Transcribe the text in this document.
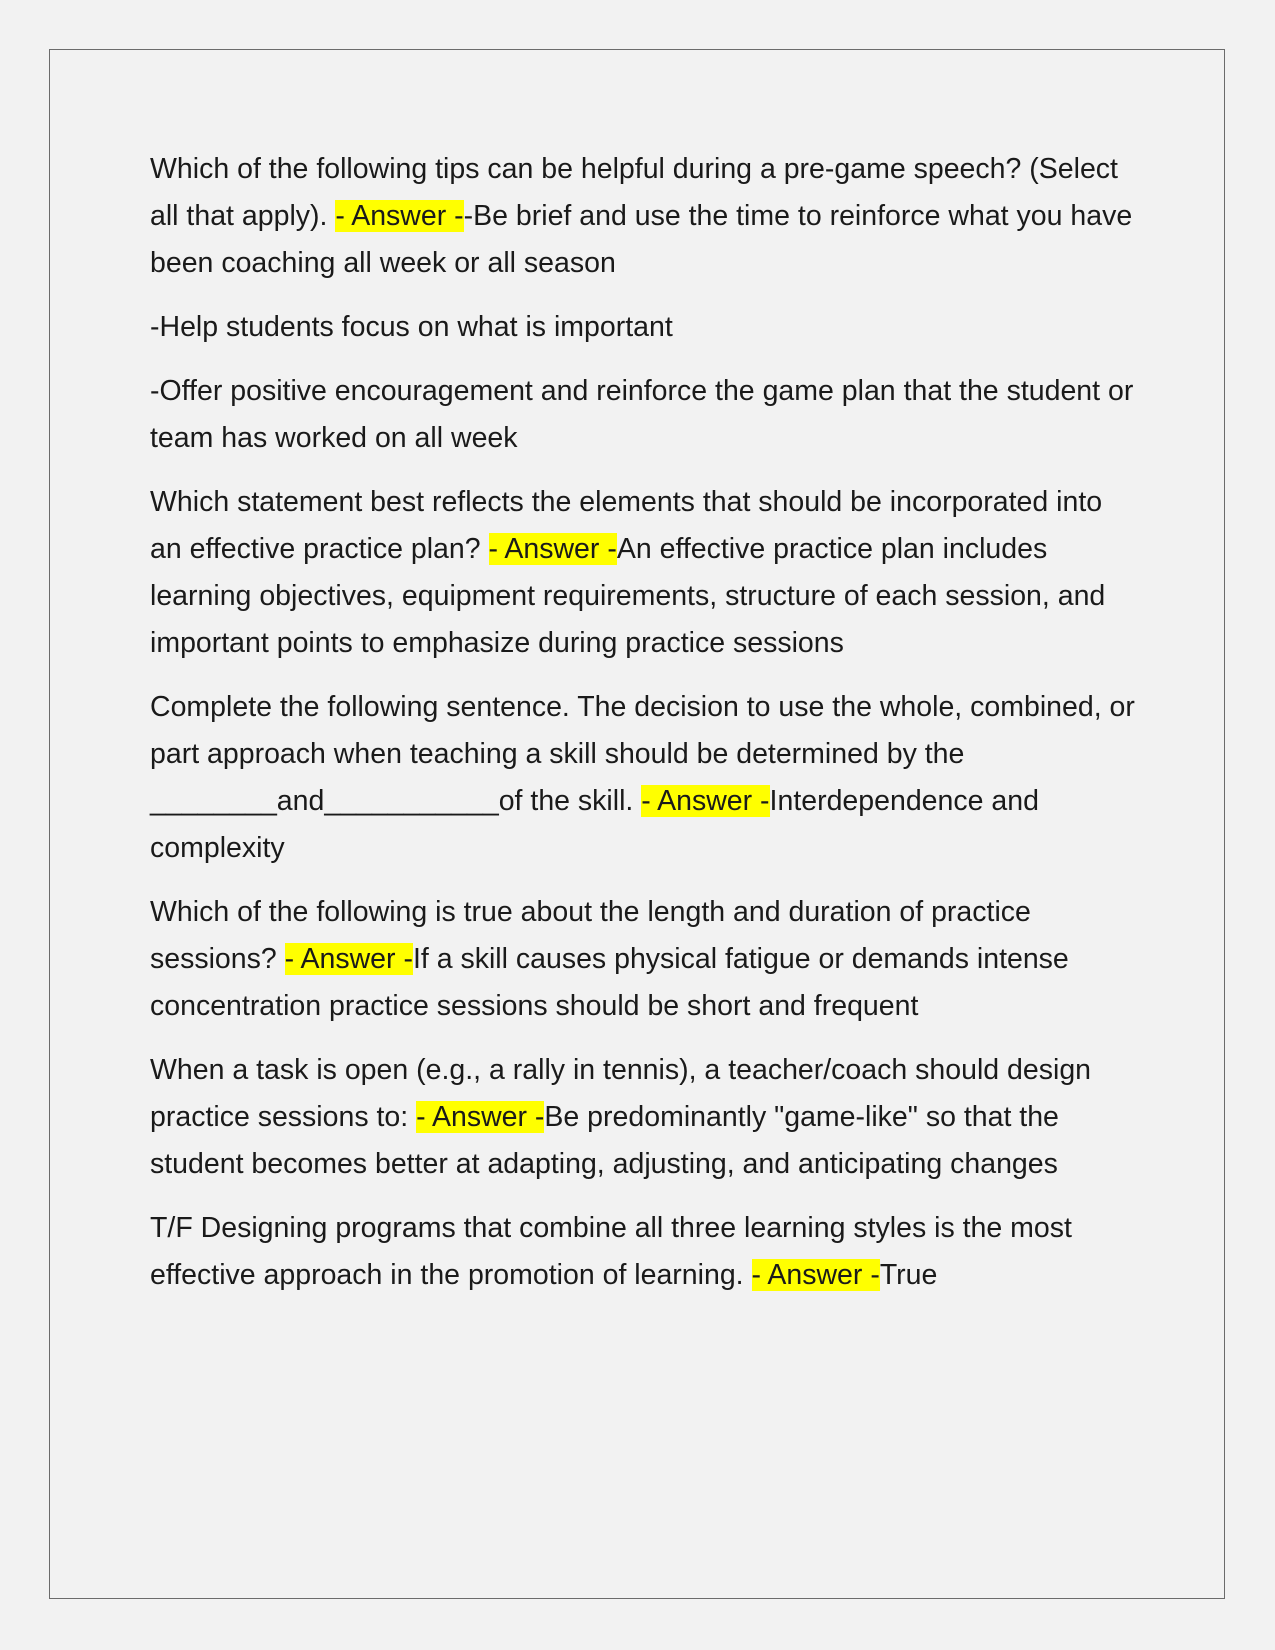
Which of the following tips can be helpful during a pre-game speech? (Select all that apply). - Answer --Be brief and use the time to reinforce what you have been coaching all week or all season

-Help students focus on what is important

-Offer positive encouragement and reinforce the game plan that the student or team has worked on all week

Which statement best reflects the elements that should be incorporated into an effective practice plan? - Answer -An effective practice plan includes learning objectives, equipment requirements, structure of each session, and important points to emphasize during practice sessions

Complete the following sentence. The decision to use the whole, combined, or part approach when teaching a skill should be determined by the ________and___________of the skill. - Answer -Interdependence and complexity

Which of the following is true about the length and duration of practice sessions? - Answer -If a skill causes physical fatigue or demands intense concentration practice sessions should be short and frequent

When a task is open (e.g., a rally in tennis), a teacher/coach should design practice sessions to: - Answer -Be predominantly "game-like" so that the student becomes better at adapting, adjusting, and anticipating changes

T/F Designing programs that combine all three learning styles is the most effective approach in the promotion of learning. - Answer -True
